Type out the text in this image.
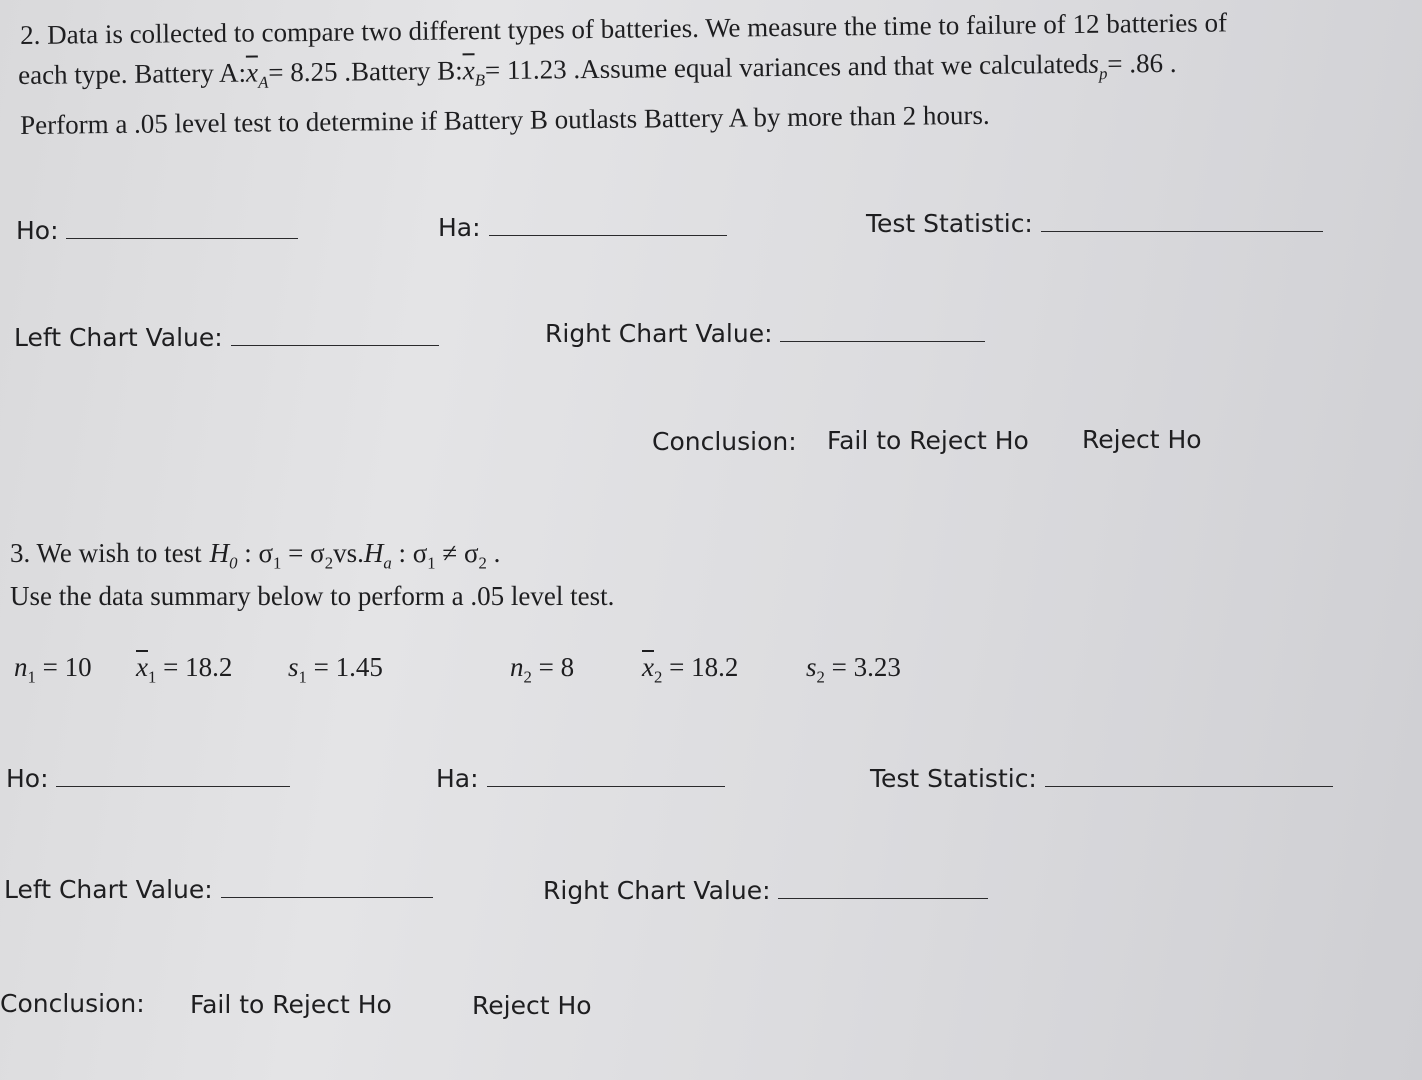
2. Data is collected to compare two different types of batteries. We measure the time to failure of 12 batteries of
each type. Battery A: $\overline{x}_A = 8.25$ . Battery B: $\overline{x}_B = 11.23$ . Assume equal variances and that we calculated $s_p = .86$ .
Perform a .05 level test to determine if Battery B outlasts Battery A by more than 2 hours.
Ho:	Ha:	Test Statistic:
Left Chart Value:	Right Chart Value:
Conclusion: Fail to Reject Ho Reject Ho
3. We wish to test $H_0$ : $\sigma_1 = \sigma_2$ vs. $H_a$ : $\sigma_1 \ne \sigma_2$ .
Use the data summary below to perform a .05 level test.
$n_1 = 10$ $\overline{x}_1 = 18.2$ $s_1 = 1.45$	$n_2 = 8$	$\overline{x}_2 = 18.2$	$s_2 = 3.23$
Ho:	Ha:	Test Statistic:
Left Chart Value:	Right Chart Value:
Conclusion: Fail to Reject Ho	Reject Ho
